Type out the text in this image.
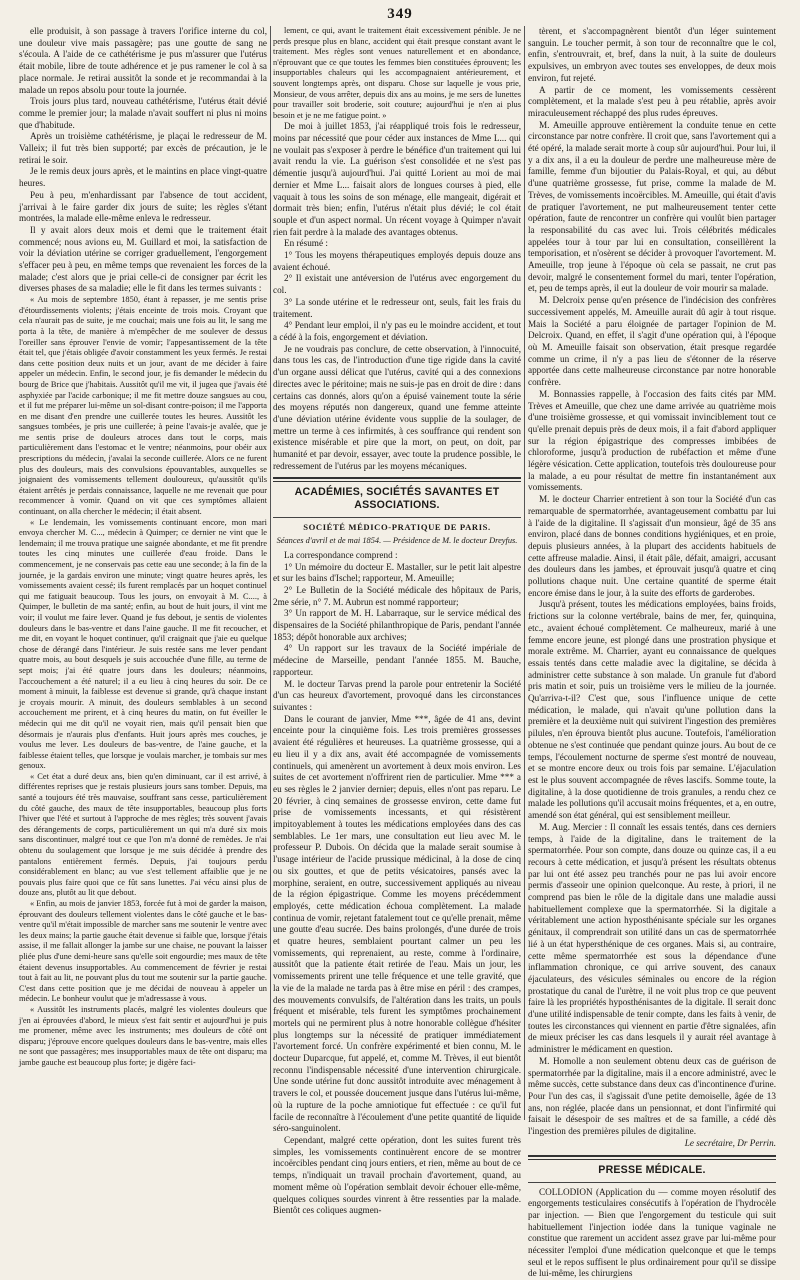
349

elle produisit, à son passage à travers l'orifice interne du col, une douleur vive mais passagère; pas une goutte de sang ne s'écoula. A l'aide de ce cathétérisme je pus m'assurer que l'utérus était mobile, libre de toute adhérence et je pus ramener le col à sa place normale. Je retirai aussitôt la sonde et je recommandai à la malade un repos absolu pour toute la journée.

Trois jours plus tard, nouveau cathétérisme, l'utérus était dévié comme le premier jour; la malade n'avait souffert ni plus ni moins que d'habitude.

Après un troisième cathétérisme, je plaçai le redresseur de M. Valleix; il fut très bien supporté; par excès de précaution, je le retirai le soir.

Je le remis deux jours après, et le maintins en place vingt-quatre heures.

Peu à peu, m'enhardissant par l'absence de tout accident, j'arrivai à le faire garder dix jours de suite; les règles s'étant montrées, la malade elle-même enleva le redresseur.

Il y avait alors deux mois et demi que le traitement était commencé; nous avions eu, M. Guillard et moi, la satisfaction de voir la déviation utérine se corriger graduellement, l'engorgement s'effacer peu à peu, en même temps que revenaient les forces de la malade; c'est alors que je priai celle-ci de consigner par écrit les diverses phases de sa maladie; elle le fit dans les termes suivants :

« Au mois de septembre 1850, étant à repasser, je me sentis prise d'étourdissements violents; j'étais enceinte de trois mois. Croyant que cela n'aurait pas de suite, je me couchai; mais une fois au lit, le sang me porta à la tête, de manière à m'empêcher de me soulever de dessus l'oreiller sans éprouver l'envie de vomir; l'appesantissement de la tête était tel, que j'étais obligée d'avoir constamment les yeux fermés. Je restai dans cette position deux nuits et un jour, avant de me décider à faire appeler un médecin. Enfin, le second jour, je fis demander le médecin du bourg de Brice que j'habitais. Aussitôt qu'il me vit, il jugea que j'avais été asphyxiée par l'acide carbonique; il me fit mettre douze sangsues au cou, et il fut me préparer lui-même un sol-disant contre-poison; il me l'apporta en me disant d'en prendre une cuillerée toutes les heures. Aussitôt les sangsues tombées, je pris une cuillerée; à peine l'avais-je avalée, que je me sentis prise de douleurs atroces dans tout le corps, mais particulièrement dans l'estomac et le ventre; néanmoins, pour obéir aux prescriptions du médecin, j'avalai la seconde cuillerée. Alors ce ne furent plus des douleurs, mais des convulsions épouvantables, auxquelles se joignaient des vomissements tellement douloureux, qu'aussitôt qu'ils étaient arrêtés je perdais connaissance, laquelle ne me revenait que pour recommencer à vomir. Quand on vit que ces symptômes allaient continuant, on alla chercher le médecin; il était absent.

« Le lendemain, les vomissements continuant encore, mon mari envoya chercher M. C..., médecin à Quimper; ce dernier ne vint que le lendemain; il me trouva pratique une saignée abondante, et me fit prendre toutes les cinq minutes une cuillerée d'eau froide. Dans le commencement, je ne conservais pas cette eau une seconde; à la fin de la journée, je la gardais environ une minute; vingt quatre heures après, les vomissements avaient cessé; ils furent remplacés par un hoquet continuel qui me fatiguait beaucoup. Tous les jours, on envoyait à M. C...., à Quimper, le bulletin de ma santé; enfin, au bout de huit jours, il vint me voir; il voulut me faire lever. Quand je fus debout, je sentis de violentes douleurs dans le bas-ventre et dans l'aine gauche. Il me fit recoucher, et me dit, en voyant le hoquet continuer, qu'il craignait que j'aie eu quelque chose de dérangé dans l'intérieur. Je suis restée sans me lever pendant quatre mois, au bout desquels je suis accouchée d'une fille, au terme de sept mois; j'ai été quatre jours dans les douleurs; néanmoins, l'accouchement a été naturel; il a eu lieu à cinq heures du soir. De ce moment à minuit, la faiblesse est devenue si grande, qu'à chaque instant je croyais mourir. A minuit, des douleurs semblables à un second accouchement me prirent, et à cinq heures du matin, on fut éveiller le médecin qui me dit qu'il ne voyait rien, mais qu'il pensait bien que désormais je n'aurais plus d'enfants. Huit jours après mes couches, je voulus me lever. Les douleurs de bas-ventre, de l'aine gauche, et la faiblesse étaient telles, que lorsque je voulais marcher, je tombais sur mes genoux.

« Cet état a duré deux ans, bien qu'en diminuant, car il est arrivé, à différentes reprises que je restais plusieurs jours sans tomber. Depuis, ma santé a toujours été très mauvaise, souffrant sans cesse, particulièrement du côté gauche, des maux de tête insupportables, beaucoup plus forts l'hiver que l'été et surtout à l'approche de mes règles; très souvent j'avais des dérangements de corps, particulièrement un qui m'a duré six mois sans discontinuer, malgré tout ce que l'on m'a donné de remèdes. Je n'ai obtenu du soulagement que lorsque je me suis décidée à prendre des pantalons entièrement fermés. Depuis, j'ai toujours perdu considérablement en blanc; au vue s'est tellement affaiblie que je ne pouvais plus faire quoi que ce fût sans lunettes. J'ai vécu ainsi plus de douze ans, plutôt au lit que debout.

« Enfin, au mois de janvier 1853, forcée fut à moi de garder la maison, éprouvant des douleurs tellement violentes dans le côté gauche et le bas-ventre qu'il m'était impossible de marcher sans me soutenir le ventre avec les deux mains; la partie gauche était devenue si faible que, lorsque j'étais assise, il me fallait allonger la jambe sur une chaise, ne pouvant la laisser pliée plus d'une demi-heure sans qu'elle soit engourdie; mes maux de tête étaient devenus insupportables. Au commencement de février je restai tout à fait au lit, ne pouvant plus du tout me soutenir sur la partie gauche. C'est dans cette position que je me décidai de nouveau à appeler un médecin. Le bonheur voulut que je m'adressasse à vous.

« Aussitôt les instruments placés, malgré les violentes douleurs que j'en ai éprouvées d'abord, le mieux s'est fait sentir et aujourd'hui je puis me promener, même avec les instruments; mes douleurs de côté ont disparu; j'éprouve encore quelques douleurs dans le bas-ventre, mais elles ne sont que passagères; mes insupportables maux de tête ont disparu; ma jambe gauche est beaucoup plus forte; je digère faci-

lement, ce qui, avant le traitement était excessivement pénible. Je ne perds presque plus en blanc, accident qui était presque constant avant le traitement. Mes règles sont venues naturellement et en abondance, n'éprouvant que ce que toutes les femmes bien constituées éprouvent; les insupportables chaleurs qui les accompagnaient antérieurement, et souvent longtemps après, ont disparu. Chose sur laquelle je vous prie, Monsieur, de vous arrêter, depuis dix ans au moins, je me sers de lunettes pour travailler soit broderie, soit couture; aujourd'hui je n'en ai plus besoin et je ne me fatigue point. »

De moi à juillet 1853, j'ai réappliqué trois fois le redresseur, moins par nécessité que pour céder aux instances de Mme L... qui ne voulait pas s'exposer à perdre le bénéfice d'un traitement qui lui avait rendu la vie. La guérison s'est consolidée et ne s'est pas démentie jusqu'à aujourd'hui. J'ai quitté Lorient au moi de mai dernier et Mme L... faisait alors de longues courses à pied, elle vaquait à tous les soins de son ménage, elle mangeait, digérait et dormait très bien; enfin, l'utérus n'était plus dévié; le col était souple et d'un aspect normal. Un récent voyage à Quimper n'avait rien fait perdre à la malade des avantages obtenus.

En résumé :

1° Tous les moyens thérapeutiques employés depuis douze ans avaient échoué.

2° Il existait une antéversion de l'utérus avec engorgement du col.

3° La sonde utérine et le redresseur ont, seuls, fait les frais du traitement.

4° Pendant leur emploi, il n'y pas eu le moindre accident, et tout a cédé à la fois, engorgement et déviation.

Je ne voudrais pas conclure, de cette observation, à l'innocuité, dans tous les cas, de l'introduction d'une tige rigide dans la cavité d'un organe aussi délicat que l'utérus, cavité qui a des connexions directes avec le péritoine; mais ne suis-je pas en droit de dire : dans certains cas donnés, alors qu'on a épuisé vainement toute la série des moyens réputés non dangereux, quand une femme atteinte d'une déviation utérine évidente vous supplie de la soulager, de mettre un terme à ces infirmités, à ces souffrance qui rendent son existence misérable et pire que la mort, on peut, on doit, par humanité et par devoir, essayer, avec toute la prudence possible, le redressement de l'utérus par les moyens mécaniques.

ACADÉMIES, SOCIÉTÉS SAVANTES ET ASSOCIATIONS.
SOCIÉTÉ MÉDICO-PRATIQUE DE PARIS.
Séances d'avril et de mai 1854. — Présidence de M. le docteur Dreyfus.

La correspondance comprend :

1° Un mémoire du docteur E. Mastaller, sur le petit lait alpestre et sur les bains d'Ischel; rapporteur, M. Ameuille;

2° Le Bulletin de la Société médicale des hôpitaux de Paris, 2me série, n° 7. M. Aubrun est nommé rapporteur;

3° Un rapport de M. H. Labarraque, sur le service médical des dispensaires de la Société philanthropique de Paris, pendant l'année 1853; dépôt honorable aux archives;

4° Un rapport sur les travaux de la Société impériale de médecine de Marseille, pendant l'année 1855. M. Bauche, rapporteur.

M. le docteur Tarvas prend la parole pour entretenir la Société d'un cas heureux d'avortement, provoqué dans les circonstances suivantes :

Dans le courant de janvier, Mme ***, âgée de 41 ans, devint enceinte pour la cinquième fois. Les trois premières grossesses avaient été régulières et heureuses. La quatrième grossesse, qui a eu lieu il y a dix ans, avait été accompagnée de vomissements continuels, qui amenèrent un avortement à deux mois environ. Les suites de cet avortement n'offrirent rien de particulier. Mme *** a eu ses règles le 2 janvier dernier; depuis, elles n'ont pas reparu. Le 20 février, à cinq semaines de grossesse environ, cette dame fut prise de vomissements incessants, et qui résistèrent impitoyablement à toutes les médications employées dans des cas semblables. Le 1er mars, une consultation eut lieu avec M. le professeur P. Dubois. On décida que la malade serait soumise à l'usage intérieur de l'acide prussique médicinal, à la dose de cinq ou six gouttes, et que de petits vésicatoires, pansés avec la morphine, seraient, en outre, successivement appliqués au niveau de la région épigastrique. Comme les moyens précédemment employés, cette médication échoua complètement. La malade continua de vomir, rejetant fatalement tout ce qu'elle prenait, même une goutte d'eau sucrée. Des bains prolongés, d'une durée de trois et quatre heures, semblaient pourtant calmer un peu les vomissements, qui reprenaient, au reste, comme à l'ordinaire, aussitôt que la patiente était retirée de l'eau. Mais un jour, les vomissements prirent une telle fréquence et une telle gravité, que la vie de la malade ne tarda pas à être mise en péril : des crampes, des mouvements convulsifs, de l'altération dans les traits, un pouls fréquent et misérable, tels furent les symptômes prochainement mortels qui ne permirent plus à notre honorable collègue d'hésiter plus longtemps sur la nécessité de pratiquer immédiatement l'avortement forcé. Un confrère expérimenté et bien connu, M. le docteur Duparcque, fut appelé, et, comme M. Trèves, il eut bientôt reconnu l'indispensable nécessité d'une intervention chirurgicale. Une sonde utérine fut donc aussitôt introduite avec ménagement à travers le col, et poussée doucement jusque dans l'utérus lui-même, où la rupture de la poche amniotique fut effectuée : ce qu'il fut facile de reconnaître à l'écoulement d'une petite quantité de liquide séro-sanguinolent.

Cependant, malgré cette opération, dont les suites furent très simples, les vomissements continuèrent encore de se montrer incoërcibles pendant cinq jours entiers, et rien, même au bout de ce temps, n'indiquait un travail prochain d'avortement, quand, au moment même où l'opération semblait devoir échouer elle-même, quelques coliques sourdes vinrent à être ressenties par la malade. Bientôt ces coliques augmen-

tèrent, et s'accompagnèrent bientôt d'un léger suintement sanguin. Le toucher permit, à son tour de reconnaître que le col, enfin, s'entrouvrait, et, bref, dans la nuit, à la suite de douleurs expulsives, un embryon avec toutes ses enveloppes, de deux mois environ, fut rejeté.

A partir de ce moment, les vomissements cessèrent complètement, et la malade s'est peu à peu rétablie, après avoir miraculeusement réchappé des plus rudes épreuves.

M. Ameuille approuve entièrement la conduite tenue en cette circonstance par notre confrère. Il croit que, sans l'avortement qui a été opéré, la malade serait morte à coup sûr aujourd'hui. Pour lui, il y a dix ans, il a eu la douleur de perdre une malheureuse mère de famille, femme d'un bijoutier du Palais-Royal, et qui, au début d'une quatrième grossesse, fut prise, comme la malade de M. Trèves, de vomissements incoërcibles. M. Ameuille, qui était d'avis de pratiquer l'avortement, ne put malheureusement tenter cette opération, faute de rencontrer un confrère qui voulût bien partager la responsabilité du cas avec lui. Trois célébrités médicales appelées tour à tour par lui en consultation, conseillèrent la temporisation, et n'osèrent se décider à provoquer l'avortement. M. Ameuille, trop jeune à l'époque où cela se passait, ne crut pas devoir, malgré le consentement formel du mari, tenter l'opération, et, peu de temps après, il eut la douleur de voir mourir sa malade.

M. Delcroix pense qu'en présence de l'indécision des confrères successivement appelés, M. Ameuille aurait dû agir à tout risque. Mais la Société a paru éloignée de partager l'opinion de M. Delcroix. Quand, en effet, il s'agit d'une opération qui, à l'époque où M. Ameuille faisait son observation, était presque regardée comme un crime, il n'y a pas lieu de s'étonner de la réserve apportée dans cette malheureuse circonstance par notre honorable confrère.

M. Bonnassies rappelle, à l'occasion des faits cités par MM. Trèves et Ameuille, que chez une dame arrivée au quatrième mois d'une troisième grossesse, et qui vomissait invinciblement tout ce qu'elle prenait depuis près de deux mois, il a fait d'abord appliquer sur la région épigastrique des compresses imbibées de chloroforme, jusqu'à production de rubéfaction et même d'une légère vésication. Cette application, toutefois très douloureuse pour la malade, a eu pour résultat de mettre fin instantanément aux vomissements.

M. le docteur Charrier entretient à son tour la Société d'un cas remarquable de spermatorrhée, avantageusement combattu par lui à l'aide de la digitaline. Il s'agissait d'un monsieur, âgé de 35 ans environ, placé dans de bonnes conditions hygiéniques, et en proie, depuis plusieurs années, à la plupart des accidents habituels de cette affreuse maladie. Ainsi, il était pâle, défait, amaigri, accusant des douleurs dans les jambes, et éprouvait jusqu'à quatre et cinq pollutions chaque nuit. Une certaine quantité de sperme était encore émise dans le jour, à la suite des efforts de garderobes.

Jusqu'à présent, toutes les médications employées, bains froids, frictions sur la colonne vertébrale, bains de mer, fer, quinquina, etc., avaient échoué complètement. Ce malheureux, marié à une femme encore jeune, est plongé dans une prostration physique et morale extrême. M. Charrier, ayant eu connaissance de quelques essais tentés dans cette maladie avec la digitaline, se décida à administrer cette substance à son malade. Un granule fut d'abord pris matin et soir, puis un troisième vers le milieu de la journée. Qu'arriva-t-il? C'est que, sous l'influence unique de cette médication, le malade, qui n'avait qu'une pollution dans la première et la deuxième nuit qui suivirent l'ingestion des premières pilules, n'en éprouva bientôt plus aucune. Toutefois, l'amélioration obtenue ne s'est continuée que pendant quinze jours. Au bout de ce temps, l'écoulement nocturne de sperme s'est montré de nouveau, et se montre encore deux ou trois fois par semaine. L'éjaculation est le plus souvent accompagnée de rêves lascifs. Somme toute, la digitaline, à la dose quotidienne de trois granules, a rendu chez ce malade les pollutions qu'il accusait moins fréquentes, et a, en outre, amendé son état général, qui est sensiblement meilleur.

M. Aug. Mercier : Il connaît les essais tentés, dans ces derniers temps, à l'aide de la digitaline, dans le traitement de la spermatorrhée. Pour son compte, dans douze ou quinze cas, il a eu recours à cette médication, et jusqu'à présent les résultats obtenus par lui ont été assez peu tranchés pour ne pas lui avoir encore permis d'asseoir une opinion quelconque. Au reste, à priori, il ne comprend pas bien le rôle de la digitale dans une maladie aussi habituellement complexe que la spermatorrhée. Si la digitale a véritablement une action hyposthénisante spéciale sur les organes génitaux, il comprendrait son utilité dans un cas de spermatorrhée lié à un état hypersthénique de ces organes. Mais si, au contraire, cette même spermatorrhée est sous la dépendance d'une inflammation chronique, ce qui arrive souvent, des canaux éjaculateurs, des vésicules séminales ou encore de la région prostatique du canal de l'urètre, il ne voit plus trop ce que peuvent faire là les propriétés hyposthénisantes de la digitale. Il serait donc d'une utilité indispensable de tenir compte, dans les faits à venir, de toutes les circonstances qui viennent en partie d'être signalées, afin de mieux préciser les cas dans lesquels il y aurait réel avantage à administrer le médicament en question.

M. Homolle a non seulement obtenu deux cas de guérison de spermatorrhée par la digitaline, mais il a encore administré, avec le même succès, cette substance dans deux cas d'incontinence d'urine. Pour l'un des cas, il s'agissait d'une petite demoiselle, âgée de 13 ans, non réglée, placée dans un pensionnat, et dont l'infirmité qui faisait le désespoir de ses maîtres et de sa famille, a cédé dès l'ingestion des premières pilules de digitaline.

Le secrétaire, Dr Perrin.

PRESSE MÉDICALE.

COLLODION (Application du — comme moyen résolutif des engorgements testiculaires consécutifs à l'opération de l'hydrocèle par injection. — Bien que l'engorgement du testicule qui suit habituellement l'injection iodée dans la tunique vaginale ne constitue que rarement un accident assez grave par lui-même pour nécessiter l'emploi d'une médication quelconque et que le temps seul et le repos suffisent le plus ordinairement pour qu'il se dissipe de lui-même, les chirurgiens
